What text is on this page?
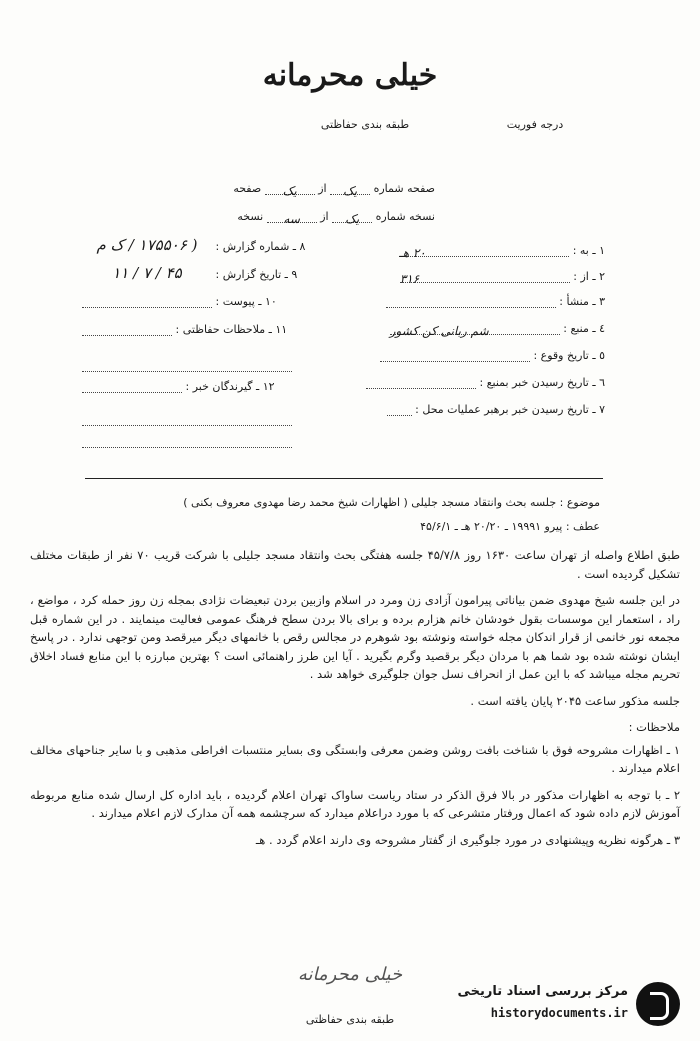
خیلی محرمانه
طبقه بندی حفاظتی	درجه فوریت
صفحه شماره یک از یک صفحه
نسخه شماره یک از سه نسخه
۱ ـ به : ۲۰ هـ
۲ ـ از : ۳۱۶
۳ ـ منشأ :
٤ ـ منبع : شم ربانی کن کشور
٥ ـ تاریخ وقوع :
٦ ـ تاریخ رسیدن خبر بمنبع :
۷ ـ تاریخ رسیدن خبر برهبر عملیات محل :
۸ ـ شماره گزارش : ( ۱۷۵۵۰۶ / ک م
۹ ـ تاریخ گزارش : ۴۵ / ۷ / ۱۱
۱۰ ـ پیوست :
۱۱ ـ ملاحظات حفاظتی :
۱۲ ـ گیرندگان خبر :
موضوع : جلسه بحث وانتقاد مسجد جلیلی ( اظهارات شیخ محمد رضا مهدوی معروف بکنی )
عطف : پیرو ۱۹۹۹۱ ـ ۲۰/۲۰ هـ ـ ۴۵/۶/۱

طبق اطلاع واصله از تهران ساعت ۱۶۳۰ روز ۴۵/۷/۸ جلسه هفتگی بحث وانتقاد مسجد جلیلی با شرکت قریب ۷۰ نفر از طبقات مختلف تشکیل گردیده است .

در این جلسه شیخ مهدوی ضمن بیاناتی پیرامون آزادی زن ومرد در اسلام وازبین بردن تبعیضات نژادی بمجله زن روز حمله کرد ، مواضع ، راد ، استعمار این موسسات بقول خودشان خانم هزارم برده و برای بالا بردن سطح فرهنگ عمومی فعالیت مینمایند . در این شماره قبل مجمعه نور خانمی از قرار اندکان مجله خواسته ونوشته بود شوهرم در مجالس رقص با خانمهای دیگر میرقصد ومن توجهی ندارد . در پاسخ ایشان نوشته شده بود شما هم با مردان دیگر برقصید وگرم بگیرید . آیا این طرز راهنمائی است ؟ بهترین مبارزه با این منابع فساد اخلاق تحریم مجله میباشد که با این عمل از انحراف نسل جوان جلوگیری خواهد شد .

جلسه مذکور ساعت ۲۰۴۵ پایان یافته است .

ملاحظات :

۱ ـ اظهارات مشروحه فوق با شناخت بافت روشن وضمن معرفی وابستگی وی بسایر منتسبات افراطی مذهبی و با سایر جناحهای مخالف اعلام میدارند .

۲ ـ با توجه به اظهارات مذکور در بالا فرق الذکر در ستاد ریاست ساواک تهران اعلام گردیده ، باید اداره کل ارسال شده منابع مربوطه آموزش لازم داده شود که اعمال ورفتار متشرعی که با مورد دراعلام میدارد که سرچشمه همه آن مدارک لازم اعلام میدارند .

۳ ـ هرگونه نظریه وپیشنهادی در مورد جلوگیری از گفتار مشروحه وی دارند اعلام گردد . هـ

خیلی محرمانه
طبقه بندی حفاظتی
مرکز بررسی اسناد تاریخی
historydocuments.ir
